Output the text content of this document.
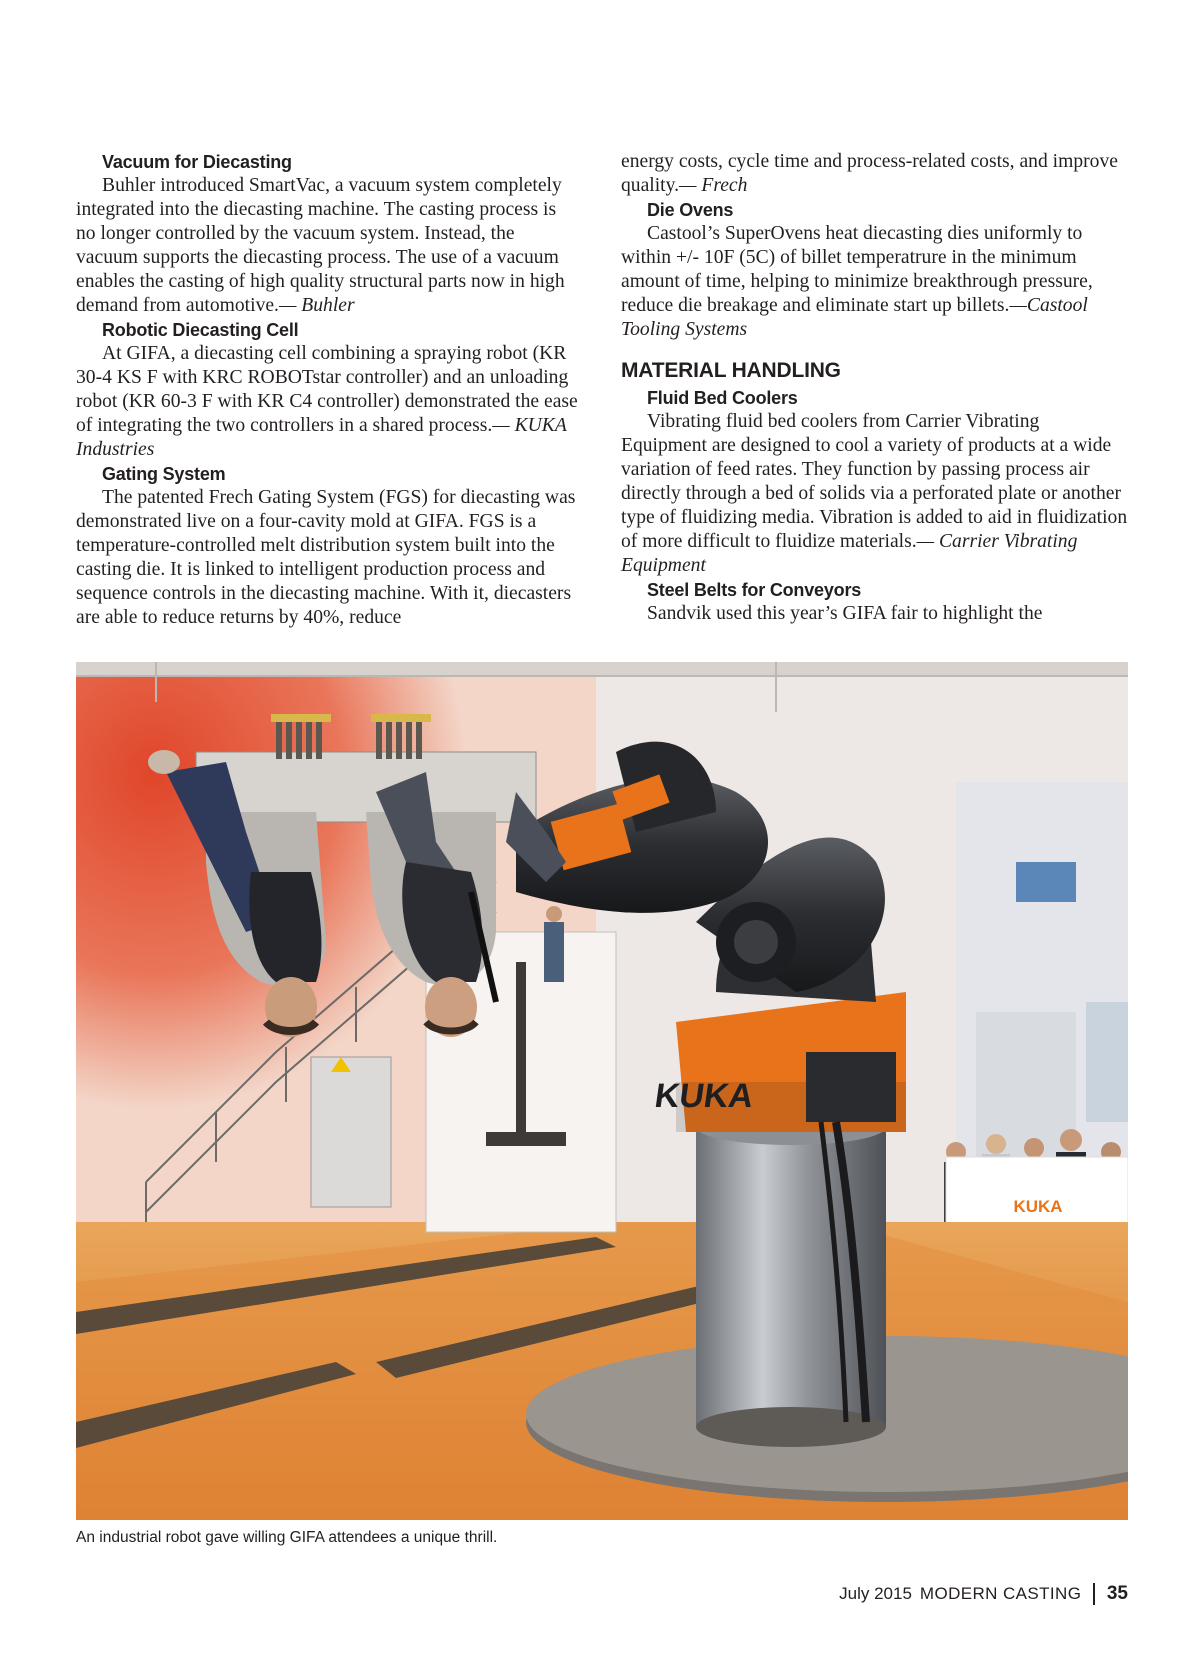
Vacuum for Diecasting

Buhler introduced SmartVac, a vacuum system completely integrated into the diecasting machine. The casting process is no longer controlled by the vacuum system. Instead, the vacuum supports the diecasting process. The use of a vacuum enables the casting of high quality structural parts now in high demand from automotive.— Buhler

Robotic Diecasting Cell

At GIFA, a diecasting cell combining a spraying robot (KR 30-4 KS F with KRC ROBOTstar controller) and an unloading robot (KR 60-3 F with KR C4 controller) demonstrated the ease of integrating the two controllers in a shared process.— KUKA Industries

Gating System

The patented Frech Gating System (FGS) for diecasting was demonstrated live on a four-cavity mold at GIFA. FGS is a temperature-controlled melt distribution system built into the casting die. It is linked to intelligent production process and sequence controls in the diecasting machine. With it, diecasters are able to reduce returns by 40%, reduce

energy costs, cycle time and process-related costs, and improve quality.— Frech

Die Ovens

Castool’s SuperOvens heat diecasting dies uniformly to within +/- 10F (5C) of billet temperatrure in the minimum amount of time, helping to minimize breakthrough pressure, reduce die breakage and eliminate start up billets.—Castool Tooling Systems

MATERIAL HANDLING
Fluid Bed Coolers

Vibrating fluid bed coolers from Carrier Vibrating Equipment are designed to cool a variety of products at a wide variation of feed rates. They function by passing process air directly through a bed of solids via a perforated plate or another type of fluidizing media. Vibration is added to aid in fluidization of more difficult to fluidize materials.— Carrier Vibrating Equipment

Steel Belts for Conveyors

Sandvik used this year’s GIFA fair to highlight the

KUKA
KUKA
An industrial robot gave willing GIFA attendees a unique thrill.
July 2015 MODERN CASTING 35
